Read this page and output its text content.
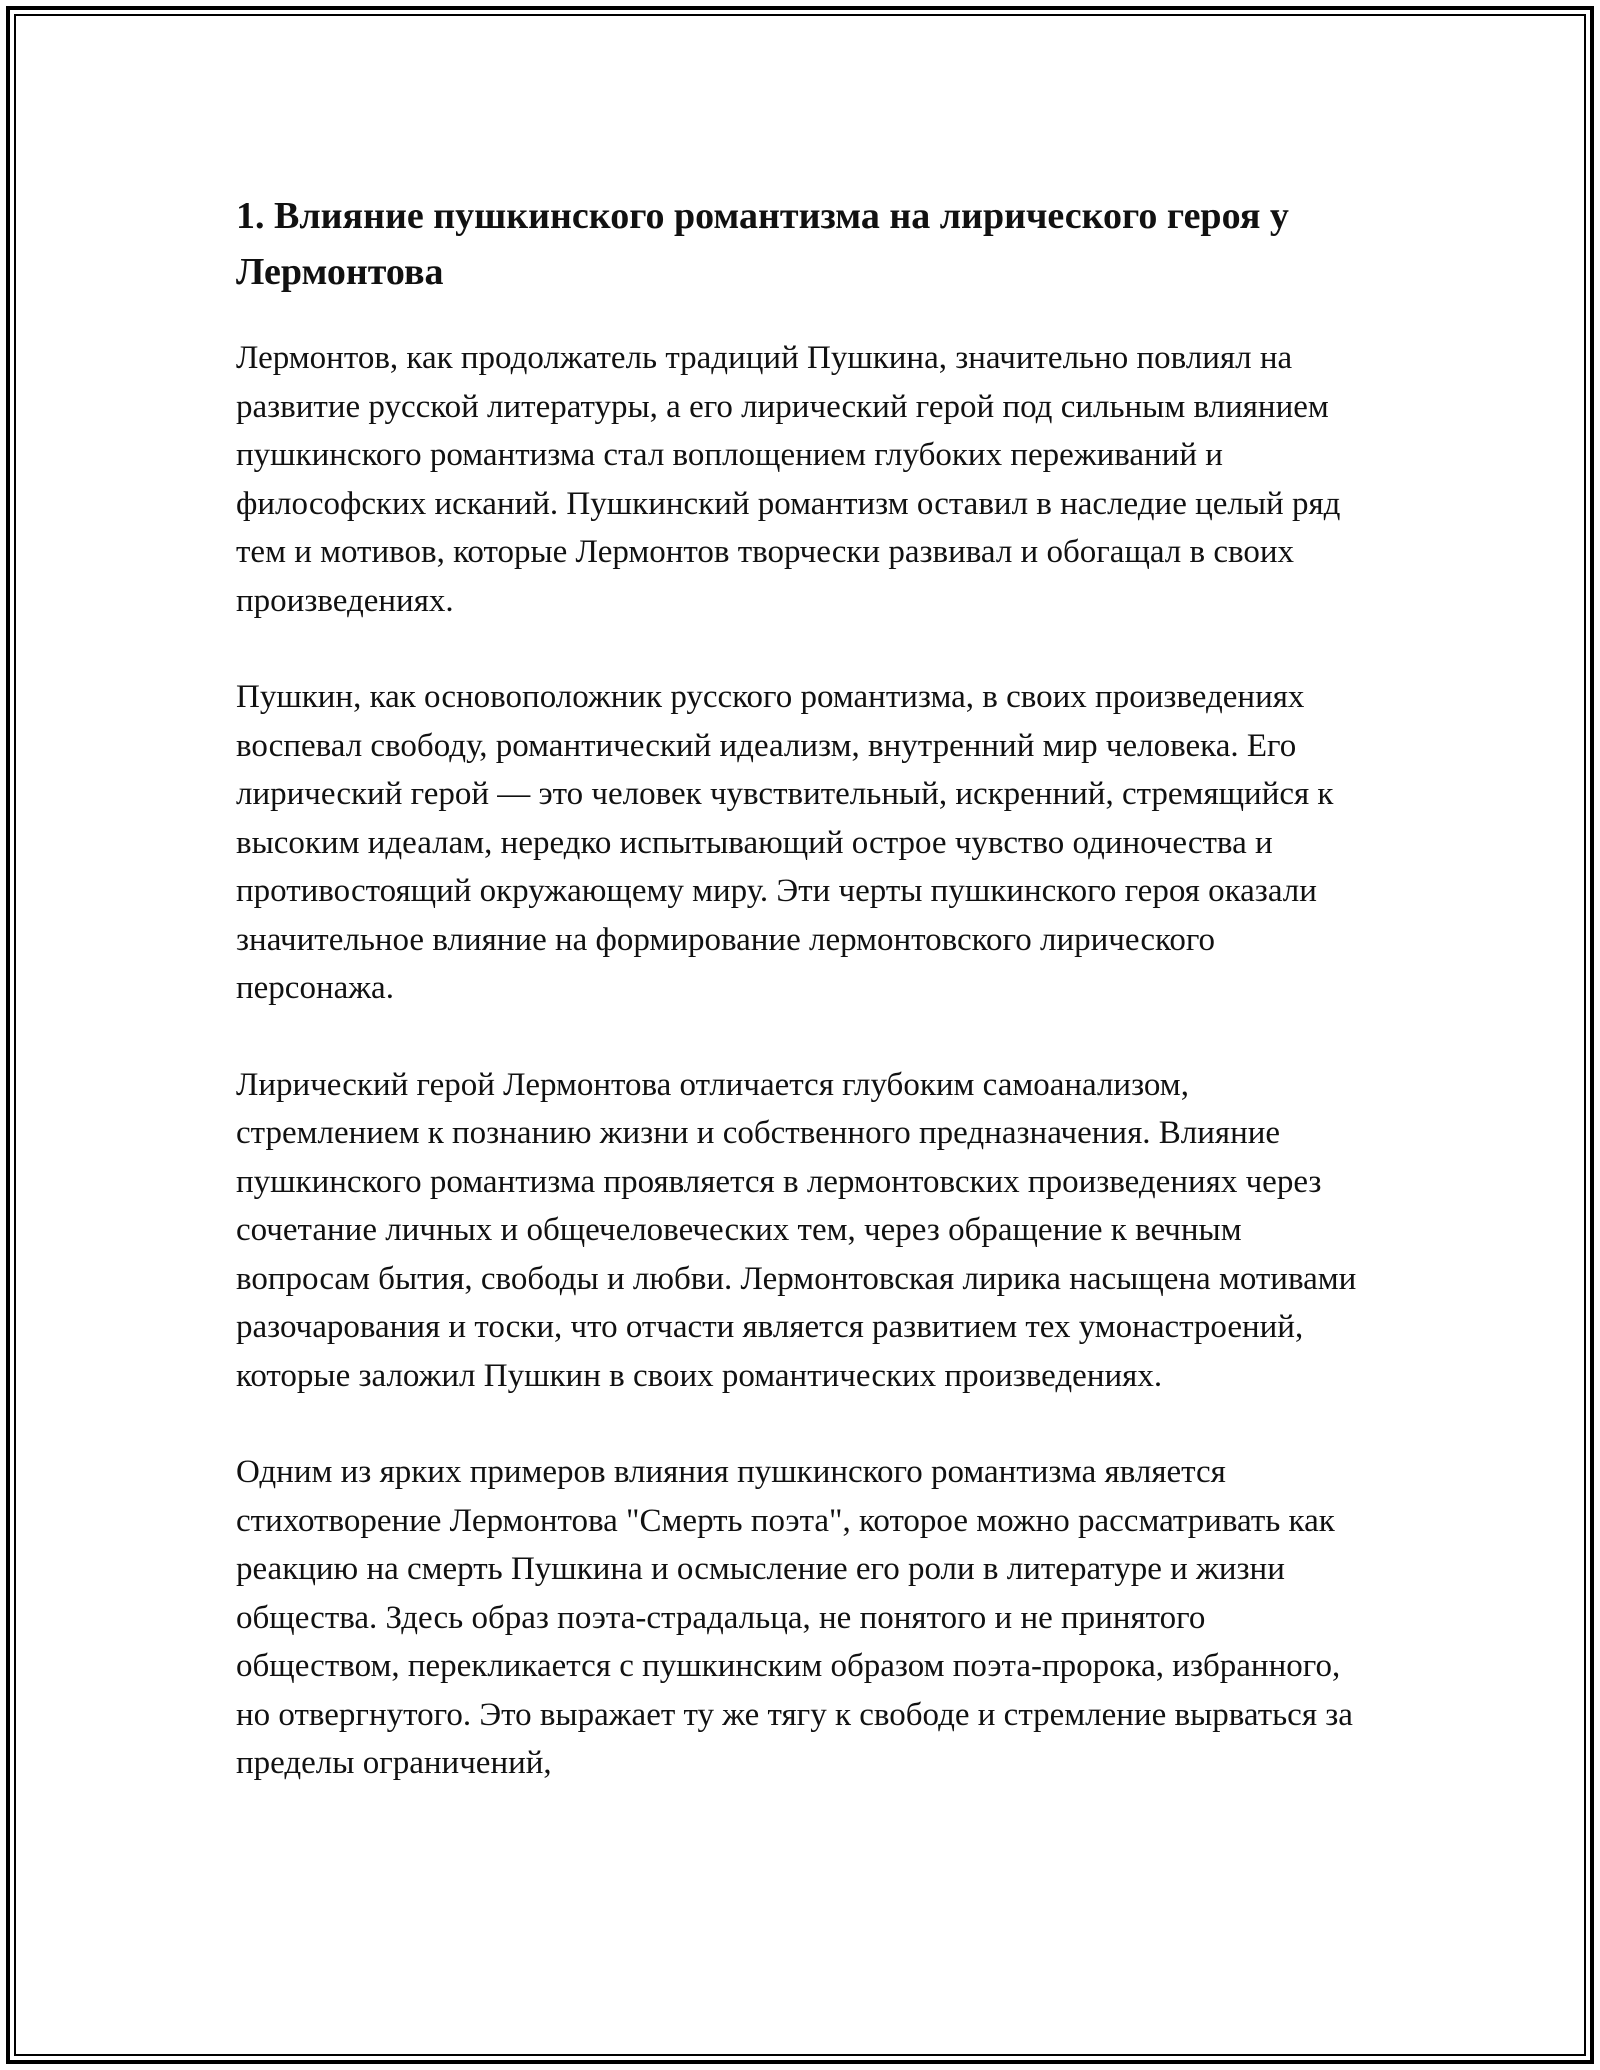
1. Влияние пушкинского романтизма на лирического героя у Лермонтова

Лермонтов, как продолжатель традиций Пушкина, значительно повлиял на развитие русской литературы, а его лирический герой под сильным влиянием пушкинского романтизма стал воплощением глубоких переживаний и философских исканий. Пушкинский романтизм оставил в наследие целый ряд тем и мотивов, которые Лермонтов творчески развивал и обогащал в своих произведениях.

Пушкин, как основоположник русского романтизма, в своих произведениях воспевал свободу, романтический идеализм, внутренний мир человека. Его лирический герой — это человек чувствительный, искренний, стремящийся к высоким идеалам, нередко испытывающий острое чувство одиночества и противостоящий окружающему миру. Эти черты пушкинского героя оказали значительное влияние на формирование лермонтовского лирического персонажа.

Лирический герой Лермонтова отличается глубоким самоанализом, стремлением к познанию жизни и собственного предназначения. Влияние пушкинского романтизма проявляется в лермонтовских произведениях через сочетание личных и общечеловеческих тем, через обращение к вечным вопросам бытия, свободы и любви. Лермонтовская лирика насыщена мотивами разочарования и тоски, что отчасти является развитием тех умонастроений, которые заложил Пушкин в своих романтических произведениях.

Одним из ярких примеров влияния пушкинского романтизма является стихотворение Лермонтова "Смерть поэта", которое можно рассматривать как реакцию на смерть Пушкина и осмысление его роли в литературе и жизни общества. Здесь образ поэта-страдальца, не понятого и не принятого обществом, перекликается с пушкинским образом поэта-пророка, избранного, но отвергнутого. Это выражает ту же тягу к свободе и стремление вырваться за пределы ограничений,
